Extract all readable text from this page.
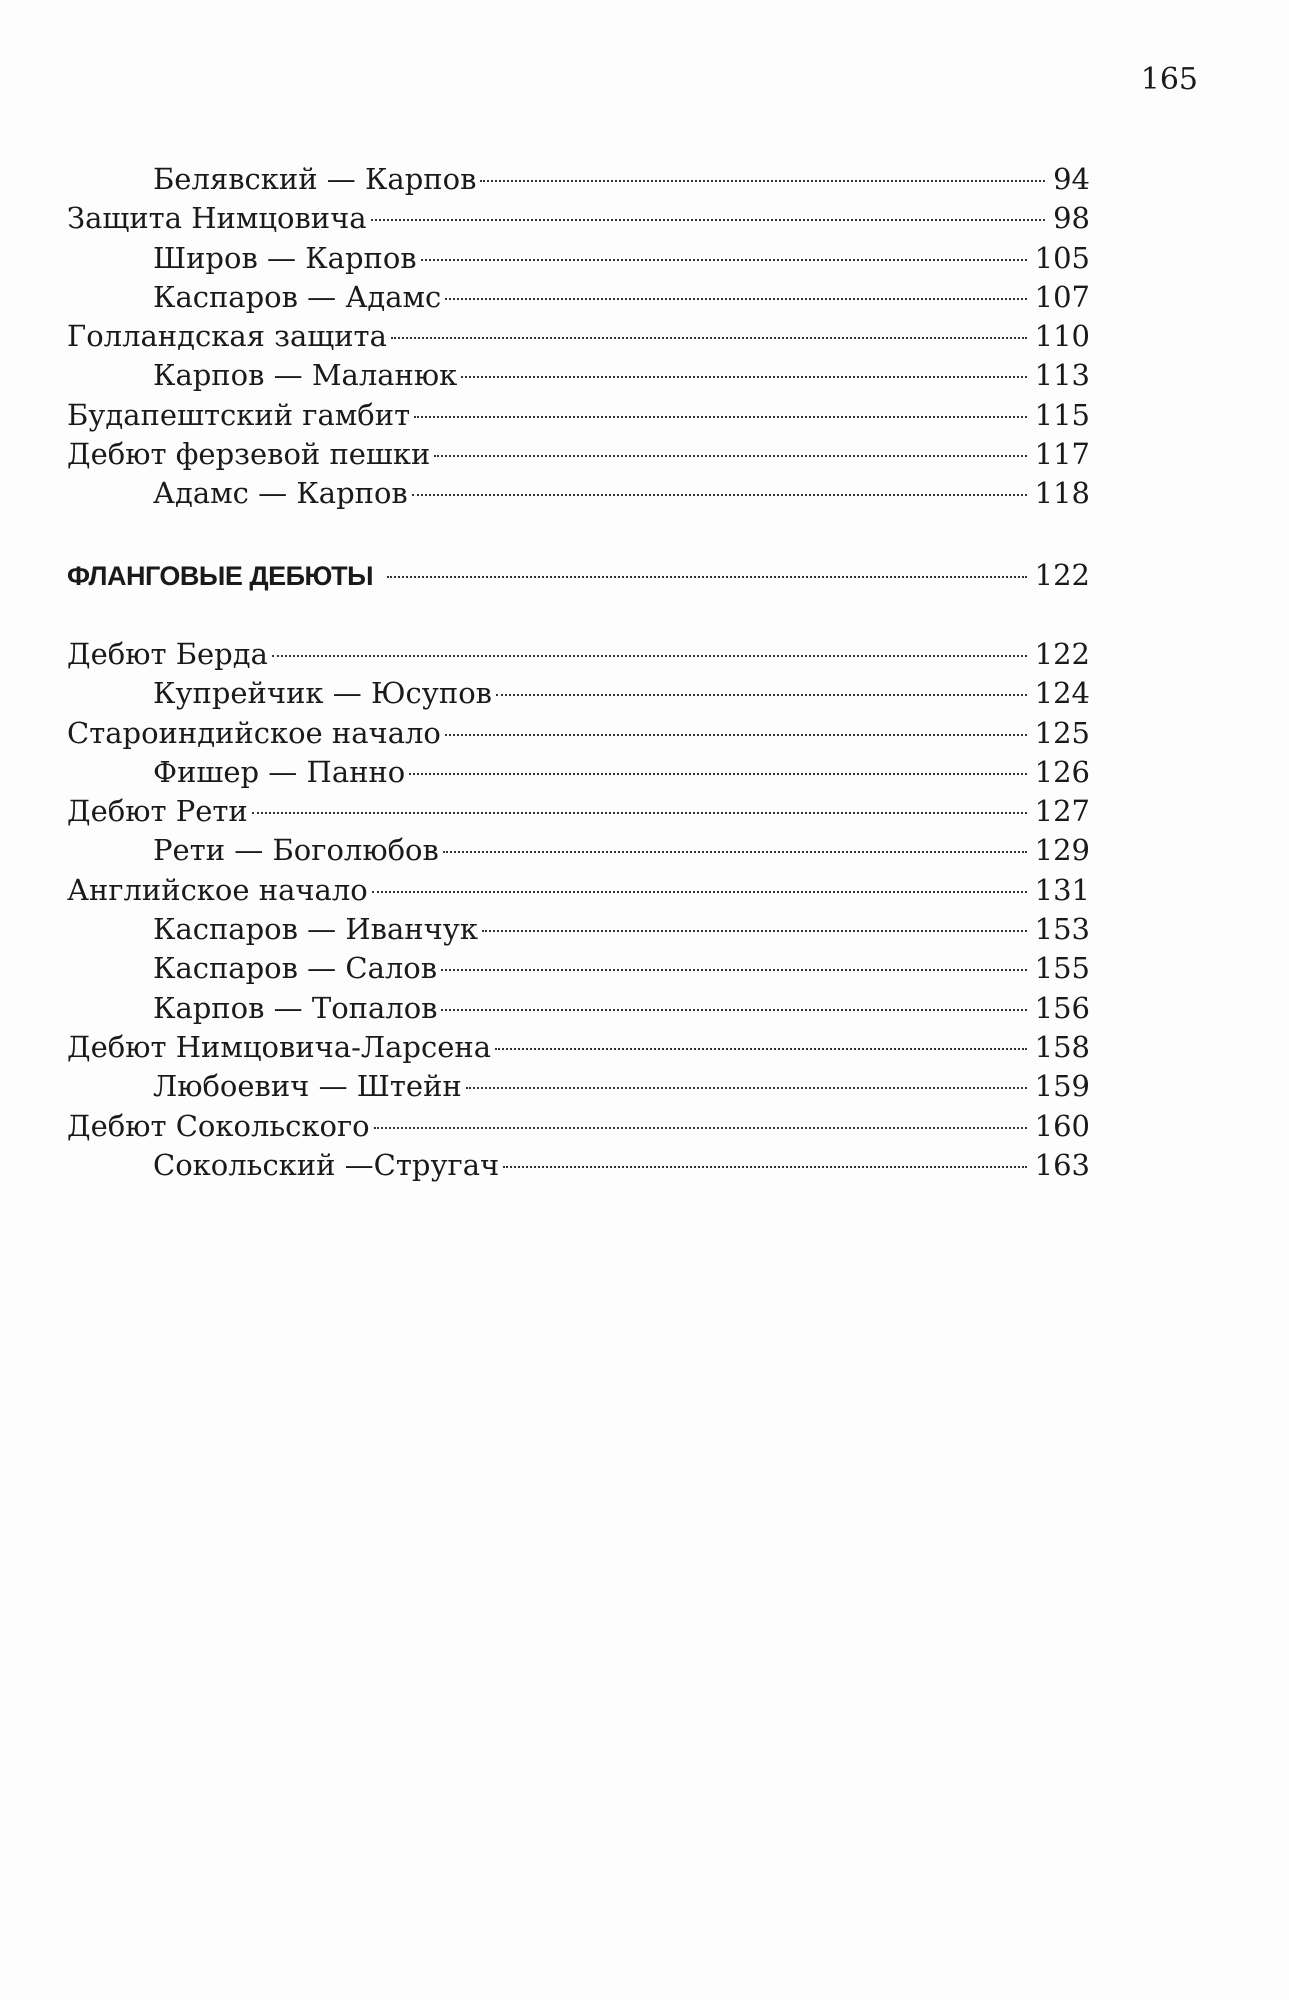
165
Белявский — Карпов	94
Защита Нимцовича	98
Широв — Карпов	105
Каспаров — Адамс	107
Голландская защита	110
Карпов — Маланюк	113
Будапештский гамбит	115
Дебют ферзевой пешки	117
Адамс — Карпов	118
ФЛАНГОВЫЕ ДЕБЮТЫ	122
Дебют Берда	122
Купрейчик — Юсупов	124
Староиндийское начало	125
Фишер — Панно	126
Дебют Рети	127
Рети — Боголюбов	129
Английское начало	131
Каспаров — Иванчук	153
Каспаров — Салов	155
Карпов — Топалов	156
Дебют Нимцовича-Ларсена	158
Любоевич — Штейн	159
Дебют Сокольского	160
Сокольский —Стругач	163
